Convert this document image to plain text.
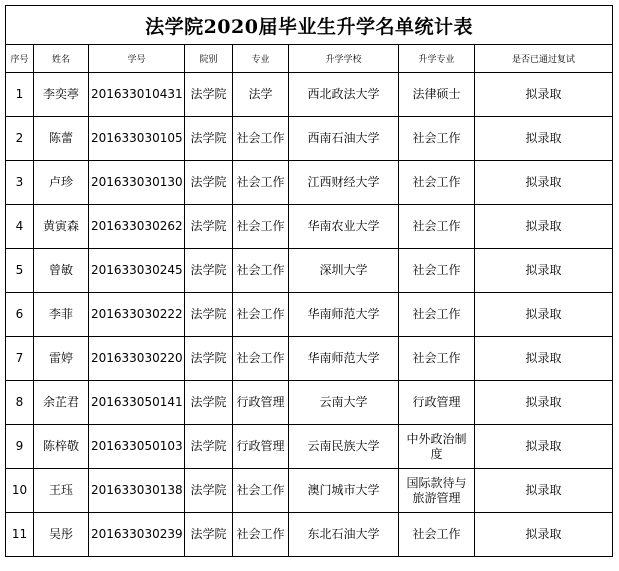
法学院2020届毕业生升学名单统计表							
序号	姓名	学号	院别	专业	升学学校	升学专业	是否已通过复试

1	李奕葶	201633010431	法学院	法学	西北政法大学	法律硕士	拟录取

2	陈蕾	201633030105	法学院	社会工作	西南石油大学	社会工作	拟录取

3	卢珍	201633030130	法学院	社会工作	江西财经大学	社会工作	拟录取

4	黄寅森	201633030262	法学院	社会工作	华南农业大学	社会工作	拟录取

5	曾敏	201633030245	法学院	社会工作	深圳大学	社会工作	拟录取

6	李菲	201633030222	法学院	社会工作	华南师范大学	社会工作	拟录取

7	雷婷	201633030220	法学院	社会工作	华南师范大学	社会工作	拟录取

8	余芷君	201633050141	法学院	行政管理	云南大学	行政管理	拟录取

9	陈梓敬	201633050103	法学院	行政管理	云南民族大学	中外政治制度	拟录取

10	王珏	201633030138	法学院	社会工作	澳门城市大学	国际款待与旅游管理	拟录取

11	吴彤	201633030239	法学院	社会工作	东北石油大学	社会工作	拟录取
